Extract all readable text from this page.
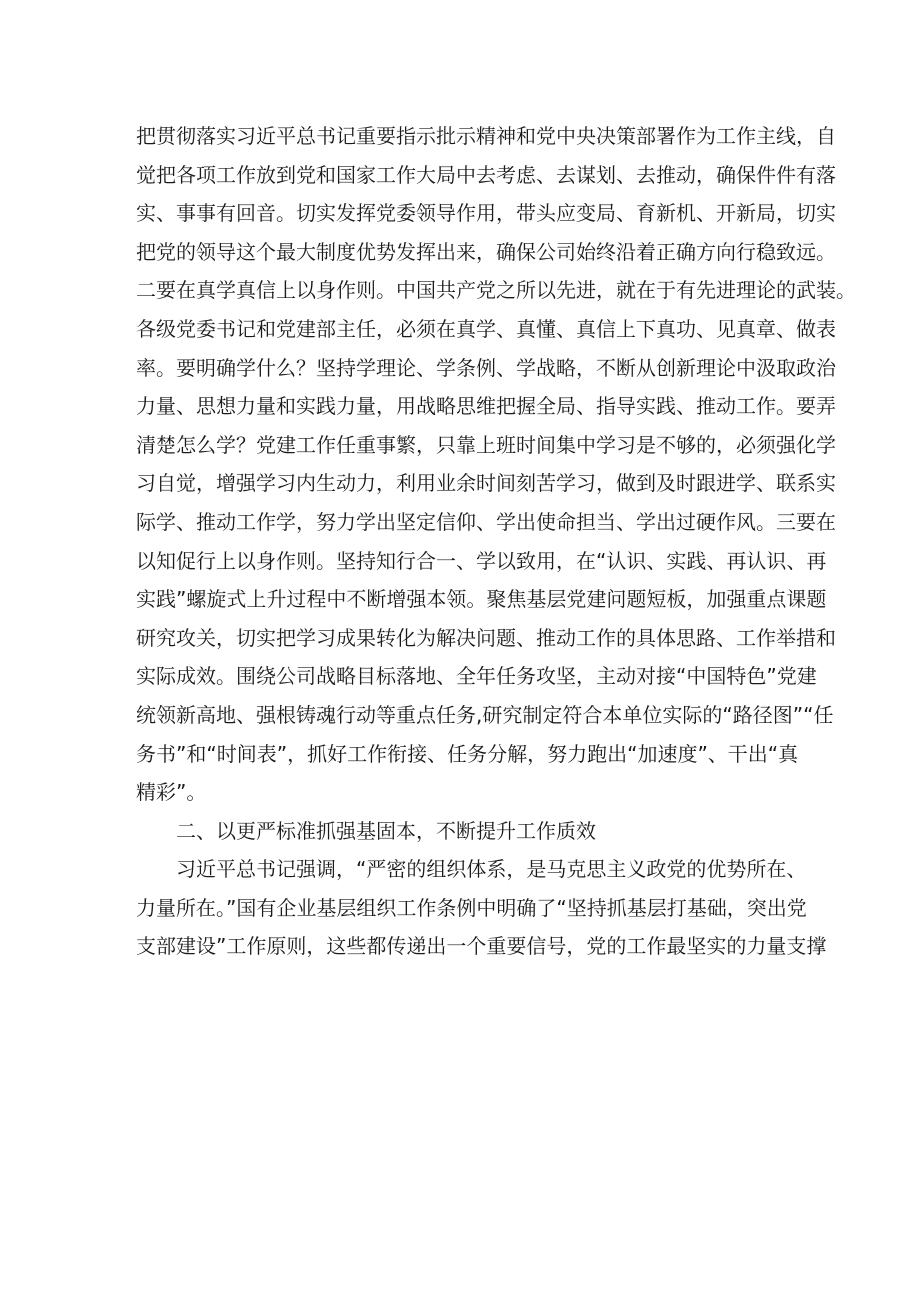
把贯彻落实习近平总书记重要指示批示精神和党中央决策部署作为工作主线，自
觉把各项工作放到党和国家工作大局中去考虑、去谋划、去推动，确保件件有落
实、事事有回音。切实发挥党委领导作用，带头应变局、育新机、开新局，切实
把党的领导这个最大制度优势发挥出来，确保公司始终沿着正确方向行稳致远。
二要在真学真信上以身作则。中国共产党之所以先进，就在于有先进理论的武装。
各级党委书记和党建部主任，必须在真学、真懂、真信上下真功、见真章、做表
率。要明确学什么？坚持学理论、学条例、学战略，不断从创新理论中汲取政治
力量、思想力量和实践力量，用战略思维把握全局、指导实践、推动工作。要弄
清楚怎么学？党建工作任重事繁，只靠上班时间集中学习是不够的，必须强化学
习自觉，增强学习内生动力，利用业余时间刻苦学习，做到及时跟进学、联系实
际学、推动工作学，努力学出坚定信仰、学出使命担当、学出过硬作风。三要在
以知促行上以身作则。坚持知行合一、学以致用，在“认识、实践、再认识、再
实践”螺旋式上升过程中不断增强本领。聚焦基层党建问题短板，加强重点课题
研究攻关，切实把学习成果转化为解决问题、推动工作的具体思路、工作举措和
实际成效。围绕公司战略目标落地、全年任务攻坚，主动对接“中国特色”党建
统领新高地、强根铸魂行动等重点任务,研究制定符合本单位实际的“路径图”“任
务书”和“时间表”，抓好工作衔接、任务分解，努力跑出“加速度”、干出“真
精彩”。
二、以更严标准抓强基固本，不断提升工作质效
习近平总书记强调，“严密的组织体系，是马克思主义政党的优势所在、
力量所在。”国有企业基层组织工作条例中明确了“坚持抓基层打基础，突出党
支部建设”工作原则，这些都传递出一个重要信号，党的工作最坚实的力量支撑
